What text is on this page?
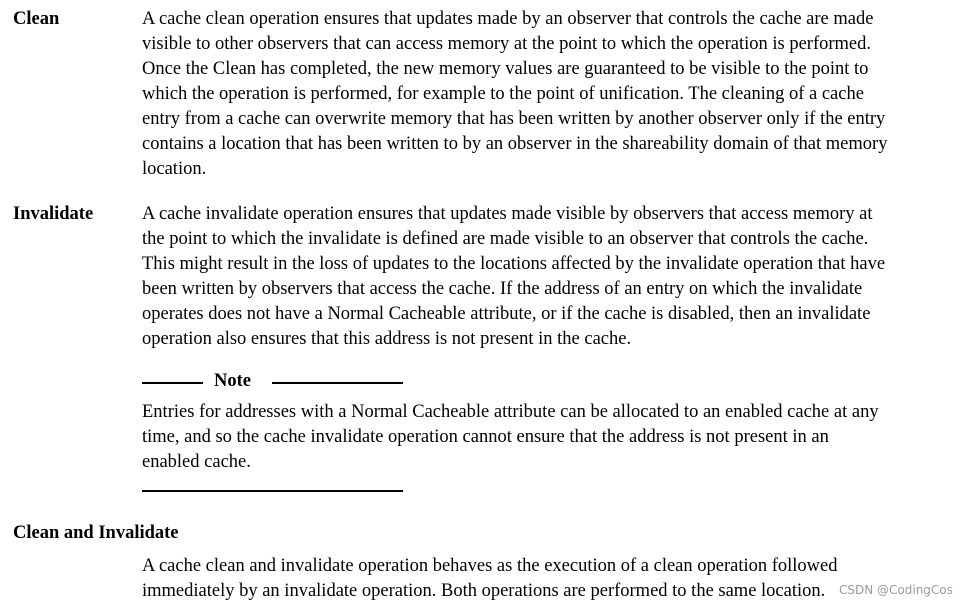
Clean	A cache clean operation ensures that updates made by an observer that controls the cache are made
visible to other observers that can access memory at the point to which the operation is performed.
Once the Clean has completed, the new memory values are guaranteed to be visible to the point to
which the operation is performed, for example to the point of unification. The cleaning of a cache
entry from a cache can overwrite memory that has been written by another observer only if the entry
contains a location that has been written to by an observer in the shareability domain of that memory
location.
Invalidate	A cache invalidate operation ensures that updates made visible by observers that access memory at
the point to which the invalidate is defined are made visible to an observer that controls the cache.
This might result in the loss of updates to the locations affected by the invalidate operation that have
been written by observers that access the cache. If the address of an entry on which the invalidate
operates does not have a Normal Cacheable attribute, or if the cache is disabled, then an invalidate
operation also ensures that this address is not present in the cache.
Note
Entries for addresses with a Normal Cacheable attribute can be allocated to an enabled cache at any
time, and so the cache invalidate operation cannot ensure that the address is not present in an
enabled cache.
Clean and Invalidate
A cache clean and invalidate operation behaves as the execution of a clean operation followed
immediately by an invalidate operation. Both operations are performed to the same location.	CSDN @CodingCos
